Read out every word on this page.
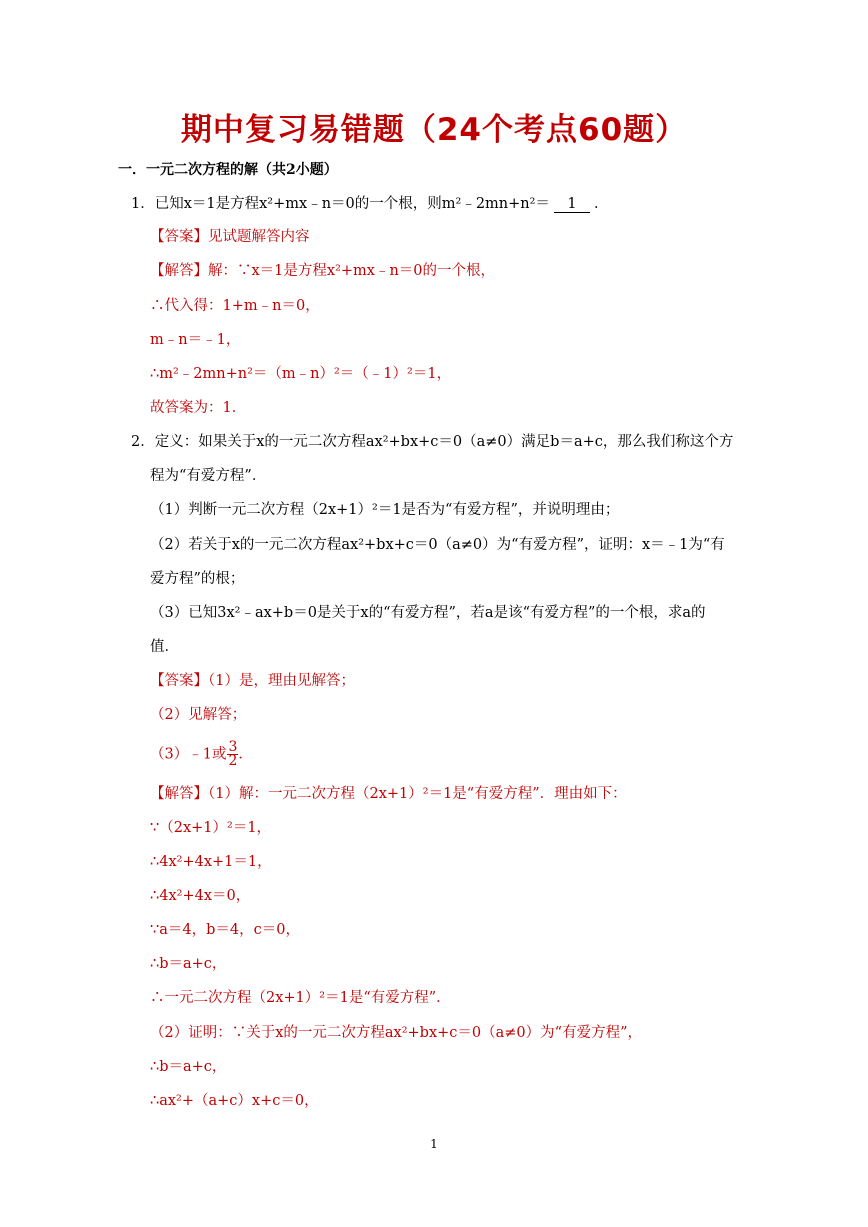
期中复习易错题（24个考点60题）
一．一元二次方程的解（共2小题）
1．已知x＝1是方程x²+mx﹣n＝0的一个根，则m²﹣2mn+n²＝ 1 ．
【答案】见试题解答内容
【解答】解：∵x＝1是方程x²+mx﹣n＝0的一个根，
∴代入得：1+m﹣n＝0，
m﹣n＝﹣1，
∴m²﹣2mn+n²＝（m﹣n）²＝（﹣1）²＝1，
故答案为：1．
2．定义：如果关于x的一元二次方程ax²+bx+c＝0（a≠0）满足b＝a+c，那么我们称这个方
程为“有爱方程”．
（1）判断一元二次方程（2x+1）²＝1是否为“有爱方程”，并说明理由；
（2）若关于x的一元二次方程ax²+bx+c＝0（a≠0）为“有爱方程”，证明：x＝﹣1为“有
爱方程”的根；
（3）已知3x²﹣ax+b＝0是关于x的“有爱方程”，若a是该“有爱方程”的一个根，求a的
值．
【答案】（1）是，理由见解答；
（2）见解答；
（3）﹣1或 $\frac{3}{2}$ ．
【解答】（1）解：一元二次方程（2x+1）²＝1是“有爱方程”．理由如下：
∵（2x+1）²＝1，
∴4x²+4x+1＝1，
∴4x²+4x＝0，
∵a＝4，b＝4，c＝0，
∴b＝a+c，
∴一元二次方程（2x+1）²＝1是“有爱方程”．
（2）证明：∵关于x的一元二次方程ax²+bx+c＝0（a≠0）为“有爱方程”，
∴b＝a+c，
∴ax²+（a+c）x+c＝0，
1
